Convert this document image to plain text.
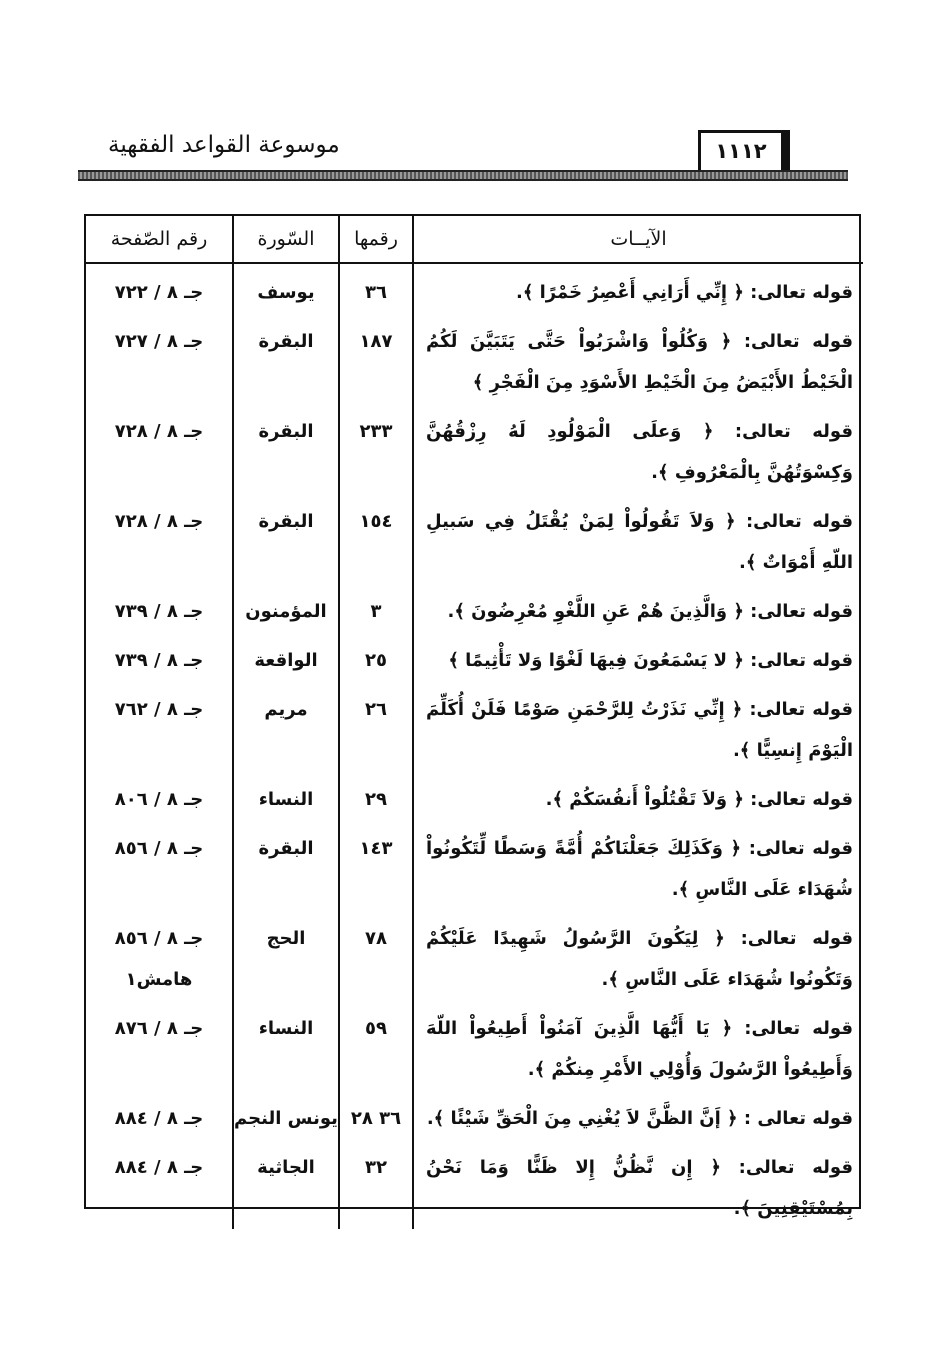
١١١٢
موسوعة القواعد الفقهية
الآيــات	رقمها	السّورة	رقم الصّفحة
قوله تعالى: ﴿ إِنِّي أَرَانِي أَعْصِرُ خَمْرًا ﴾.	٣٦	يوسف	جـ ٨ / ٧٢٢
قوله تعالى: ﴿ وَكُلُواْ وَاشْرَبُواْ حَتَّى يَتَبَيَّنَ لَكُمُ الْخَيْطُ الأَبْيَضُ مِنَ الْخَيْطِ الأَسْوَدِ مِنَ الْفَجْرِ ﴾	١٨٧	البقرة	جـ ٨ / ٧٢٧
قوله تعالى: ﴿ وَعلَى الْمَوْلُودِ لَهُ رِزْقُهُنَّ وَكِسْوَتُهُنَّ بِالْمَعْرُوفِ ﴾.	٢٣٣	البقرة	جـ ٨ / ٧٢٨
قوله تعالى: ﴿ وَلاَ تَقُولُواْ لِمَنْ يُقْتَلُ فِي سَبيلِ اللّهِ أَمْوَاتٌ ﴾.	١٥٤	البقرة	جـ ٨ / ٧٢٨
قوله تعالى: ﴿ وَالَّذِينَ هُمْ عَنِ اللَّغْوِ مُعْرِضُونَ ﴾.	٣	المؤمنون	جـ ٨ / ٧٣٩
قوله تعالى: ﴿ لا يَسْمَعُونَ فِيهَا لَغْوًا وَلا تَأْثِيمًا ﴾	٢٥	الواقعة	جـ ٨ / ٧٣٩
قوله تعالى: ﴿ إِنِّي نَذَرْتُ لِلرَّحْمَنِ صَوْمًا فَلَنْ أُكَلِّمَ الْيَوْمَ إِنسِيًّا ﴾.	٢٦	مريم	جـ ٨ / ٧٦٢
قوله تعالى: ﴿ وَلاَ تَقْتُلُواْ أَنفُسَكُمْ ﴾.	٢٩	النساء	جـ ٨ / ٨٠٦
قوله تعالى: ﴿ وَكَذَلِكَ جَعَلْنَاكُمْ أُمَّةً وَسَطًا لِّتَكُونُواْ شُهَدَاء عَلَى النَّاسِ ﴾.	١٤٣	البقرة	جـ ٨ / ٨٥٦
قوله تعالى: ﴿ لِيَكُونَ الرَّسُولُ شَهِيدًا عَلَيْكُمْ وَتَكُونُوا شُهَدَاء عَلَى النَّاسِ ﴾.	٧٨	الحج	جـ ٨ / ٨٥٦ هامش١
قوله تعالى: ﴿ يَا أَيُّهَا الَّذِينَ آمَنُواْ أَطِيعُواْ اللّهَ وَأَطِيعُواْ الرَّسُولَ وَأُوْلِي الأَمْرِ مِنكُمْ ﴾.	٥٩	النساء	جـ ٨ / ٨٧٦
قوله تعالى : ﴿ إَنَّ الظَّنَّ لاَ يُغْنِي مِنَ الْحَقِّ شَيْئًا ﴾.	٣٦ ٢٨	يونس النجم	جـ ٨ / ٨٨٤
قوله تعالى: ﴿ إِن نَّظُنُّ إِلا ظَنًّا وَمَا نَحْنُ بِمُسْتَيْقِنِينَ ﴾.	٣٢	الجاثية	جـ ٨ / ٨٨٤
